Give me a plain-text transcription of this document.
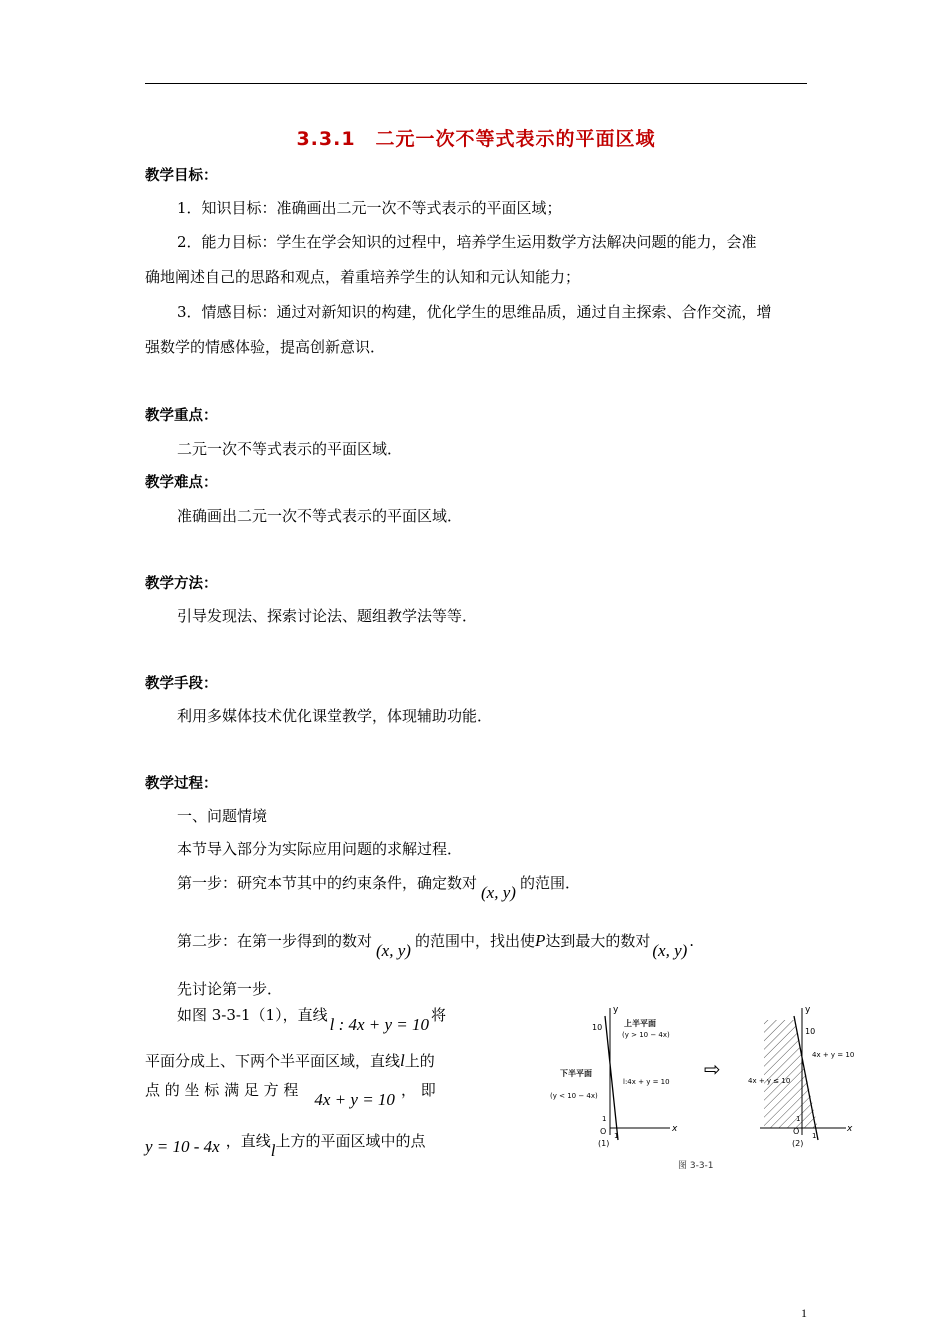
3.3.1　二元一次不等式表示的平面区域
教学目标：
1．知识目标：准确画出二元一次不等式表示的平面区域；
2．能力目标：学生在学会知识的过程中，培养学生运用数学方法解决问题的能力，会准
确地阐述自己的思路和观点，着重培养学生的认知和元认知能力；
3．情感目标：通过对新知识的构建，优化学生的思维品质，通过自主探索、合作交流，增
强数学的情感体验，提高创新意识．
教学重点：
二元一次不等式表示的平面区域．
教学难点：
准确画出二元一次不等式表示的平面区域．
教学方法：
引导发现法、探索讨论法、题组教学法等等．
教学手段：
利用多媒体技术优化课堂教学，体现辅助功能．
教学过程：
一、问题情境
本节导入部分为实际应用问题的求解过程．
第一步：研究本节其中的约束条件，确定数对 (x, y) 的范围．
第二步：在第一步得到的数对 (x, y) 的范围中，找出使P达到最大的数对 (x, y) .
先讨论第一步．
如图 3-3-1（1），直线 l : 4x + y = 10 将
平面分成上、下两个半平面区域，直线l上的
点 的 坐 标 满 足 方 程 4x + y = 10 ， 即
y = 10 - 4x ，直线l上方的平面区域中的点
y
x
10
1
O 1
上半平面
(y > 10 − 4x)
下半平面
(y < 10 − 4x)
l:4x + y = 10
(1)
⇨
y
x
10
1
O 1
4x + y = 10
4x + y ≤ 10
(2)
图 3-3-1
1
